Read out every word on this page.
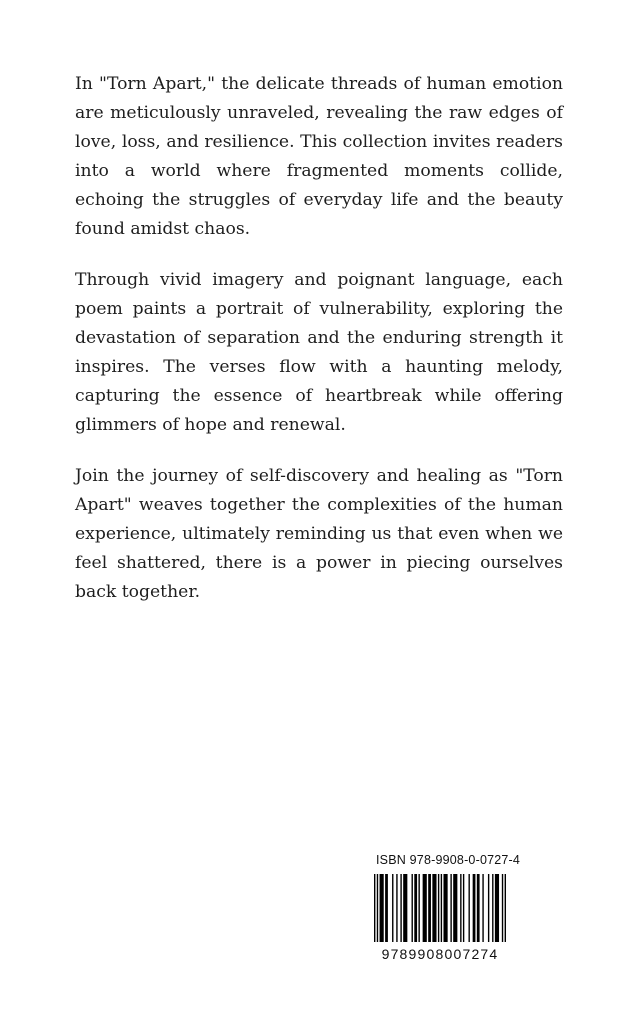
In "Torn Apart," the delicate threads of human emotion are meticulously unraveled, revealing the raw edges of love, loss, and resilience. This collection invites readers into a world where fragmented moments collide, echoing the struggles of everyday life and the beauty found amidst chaos.

Through vivid imagery and poignant language, each poem paints a portrait of vulnerability, exploring the devastation of separation and the enduring strength it inspires. The verses flow with a haunting melody, capturing the essence of heartbreak while offering glimmers of hope and renewal.

Join the journey of self-discovery and healing as "Torn Apart" weaves together the complexities of the human experience, ultimately reminding us that even when we feel shattered, there is a power in piecing ourselves back together.

ISBN 978-9908-0-0727-4
9789908007274
